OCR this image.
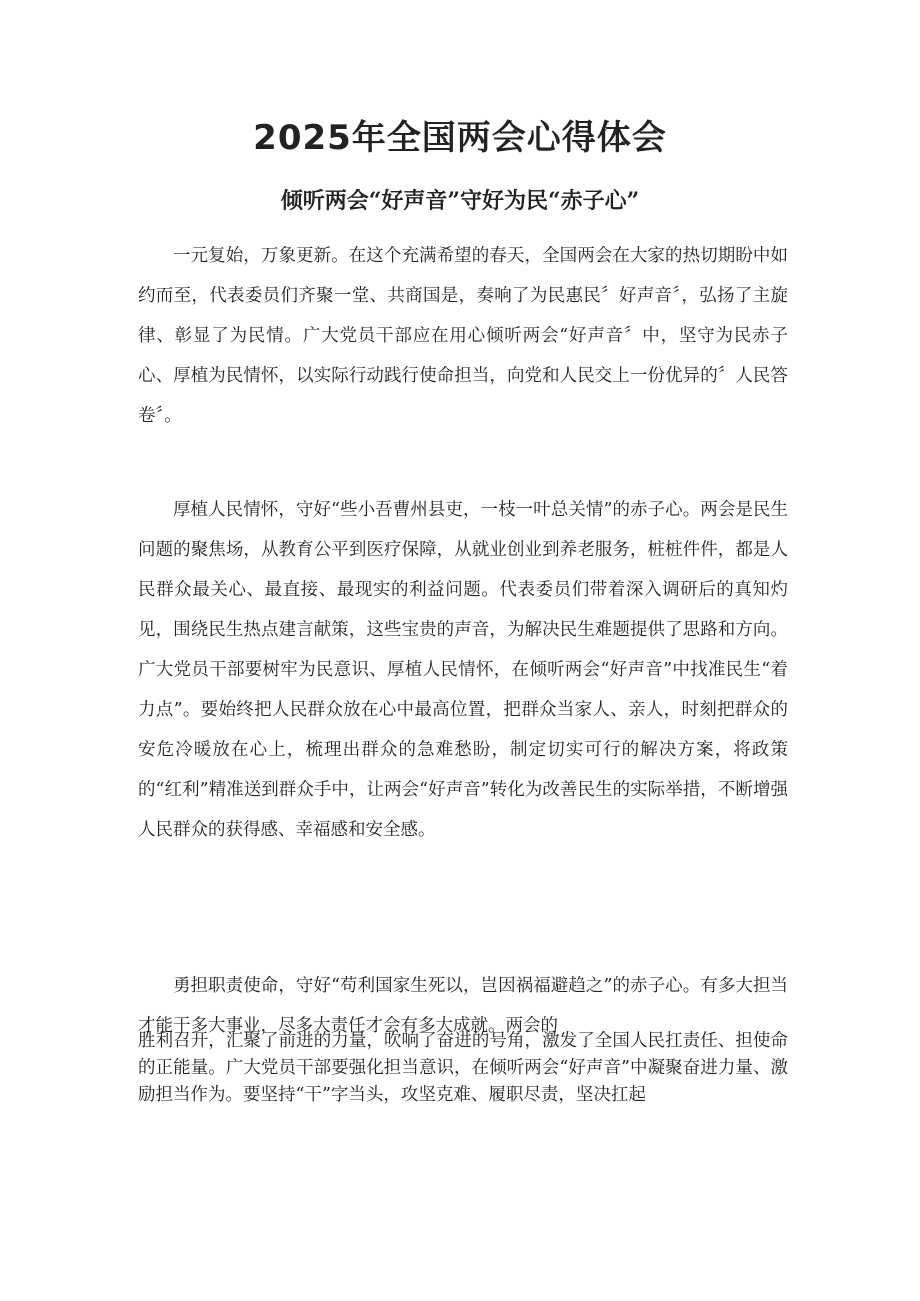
2025年全国两会心得体会
倾听两会“好声音”守好为民“赤子心”

一元复始，万象更新。在这个充满希望的春天，全国两会在大家的热切期盼中如约而至，代表委员们齐聚一堂、共商国是，奏响了为民惠民〞好声音〞，弘扬了主旋律、彰显了为民情。广大党员干部应在用心倾听两会“好声音〞中，坚守为民赤子心、厚植为民情怀，以实际行动践行使命担当，向党和人民交上一份优异的〞人民答卷〞。

厚植人民情怀，守好“些小吾曹州县吏，一枝一叶总关情”的赤子心。两会是民生问题的聚焦场，从教育公平到医疗保障，从就业创业到养老服务，桩桩件件，都是人民群众最关心、最直接、最现实的利益问题。代表委员们带着深入调研后的真知灼见，围绕民生热点建言献策，这些宝贵的声音，为解决民生难题提供了思路和方向。广大党员干部要树牢为民意识、厚植人民情怀，在倾听两会“好声音”中找准民生“着力点”。要始终把人民群众放在心中最高位置，把群众当家人、亲人，时刻把群众的安危冷暖放在心上，梳理出群众的急难愁盼，制定切实可行的解决方案，将政策的“红利”精准送到群众手中，让两会“好声音”转化为改善民生的实际举措，不断增强人民群众的获得感、幸福感和安全感。

勇担职责使命，守好“苟利国家生死以，岂因祸福避趋之”的赤子心。有多大担当才能干多大事业，尽多大责任才会有多大成就。两会的

胜利召开，汇聚了前进的力量，吹响了奋进的号角，激发了全国人民扛责任、担使命的正能量。广大党员干部要强化担当意识，在倾听两会“好声音”中凝聚奋进力量、激励担当作为。要坚持“干”字当头，攻坚克难、履职尽责，坚决扛起
